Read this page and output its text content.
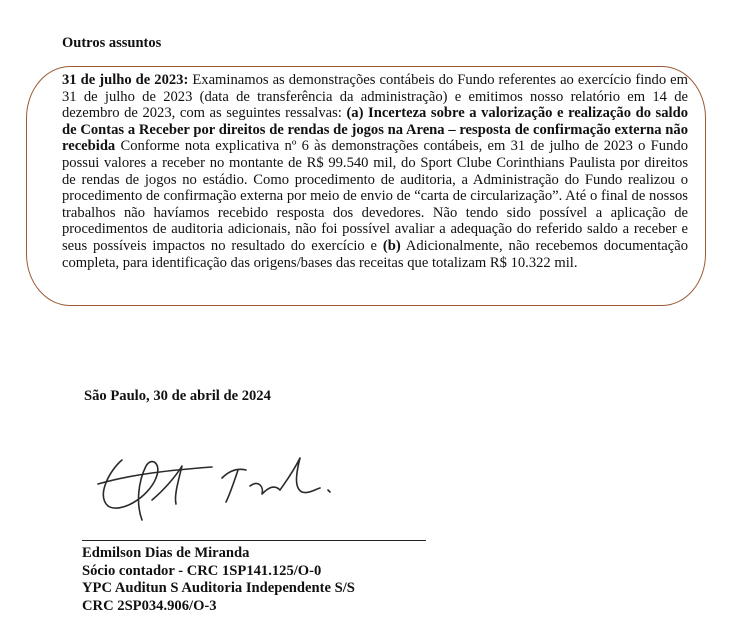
Outros assuntos

31 de julho de 2023: Examinamos as demonstrações contábeis do Fundo referentes ao exercício findo em 31 de julho de 2023 (data de transferência da administração) e emitimos nosso relatório em 14 de dezembro de 2023, com as seguintes ressalvas: (a) Incerteza sobre a valorização e realização do saldo de Contas a Receber por direitos de rendas de jogos na Arena – resposta de confirmação externa não recebida Conforme nota explicativa nº 6 às demonstrações contábeis, em 31 de julho de 2023 o Fundo possui valores a receber no montante de R$ 99.540 mil, do Sport Clube Corinthians Paulista por direitos de rendas de jogos no estádio. Como procedimento de auditoria, a Administração do Fundo realizou o procedimento de confirmação externa por meio de envio de “carta de circularização”. Até o final de nossos trabalhos não havíamos recebido resposta dos devedores. Não tendo sido possível a aplicação de procedimentos de auditoria adicionais, não foi possível avaliar a adequação do referido saldo a receber e seus possíveis impactos no resultado do exercício e (b) Adicionalmente, não recebemos documentação completa, para identificação das origens/bases das receitas que totalizam R$ 10.322 mil.

São Paulo, 30 de abril de 2024
Edmilson Dias de Miranda
Sócio contador - CRC 1SP141.125/O-0
YPC Auditun S Auditoria Independente S/S
CRC 2SP034.906/O-3
